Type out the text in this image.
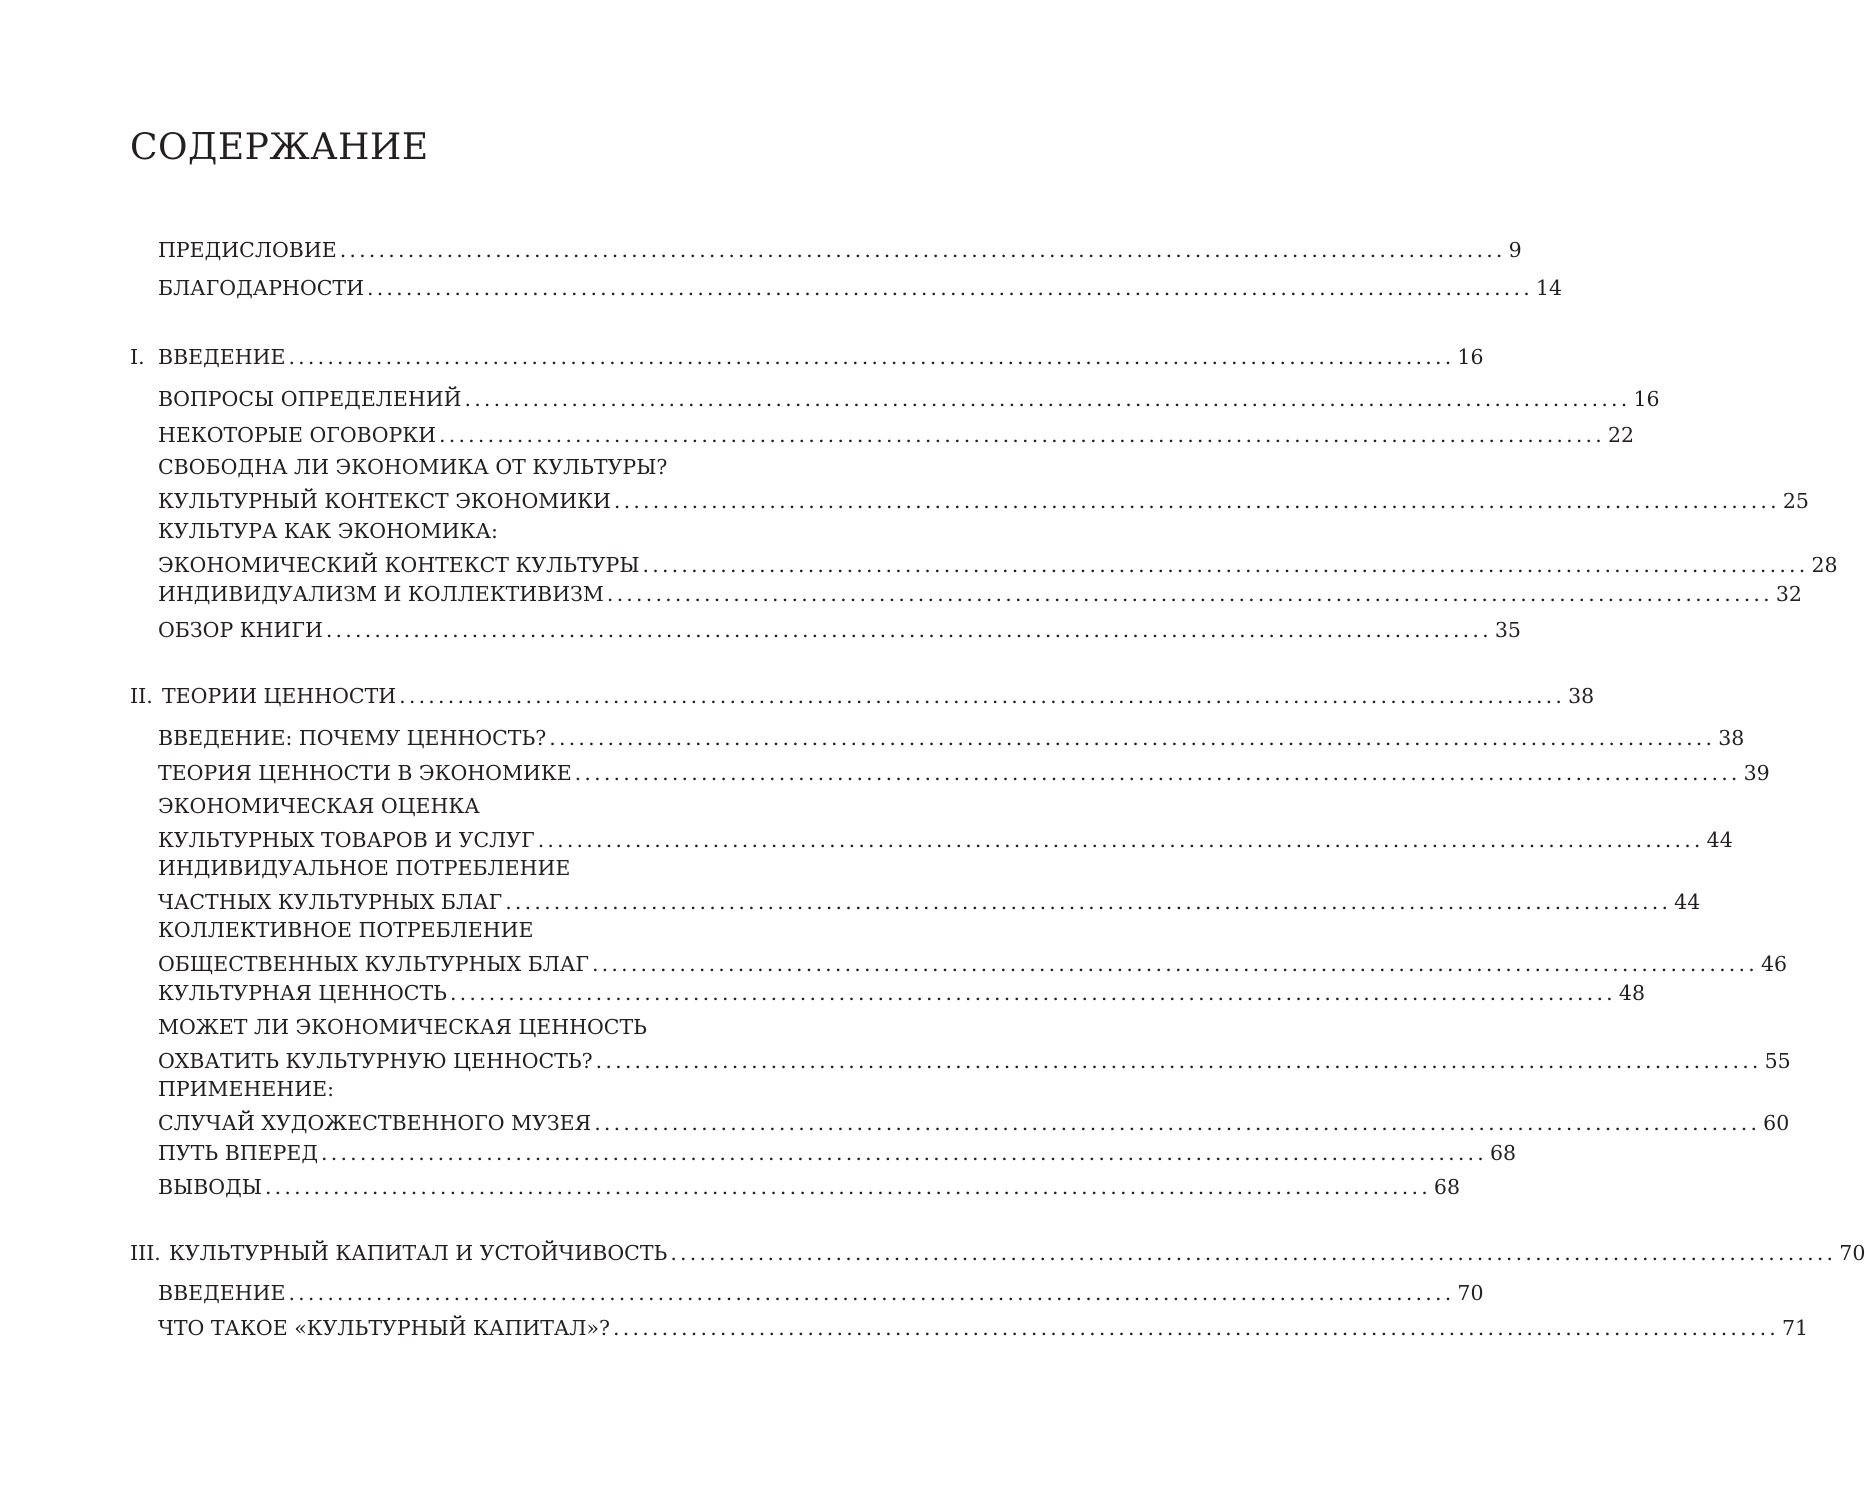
СОДЕРЖАНИЕ
ПРЕДИСЛОВИЕ ........................................................................................................................ 9
БЛАГОДАРНОСТИ ........................................................................................................................ 14
I. ВВЕДЕНИЕ ........................................................................................................................ 16
ВОПРОСЫ ОПРЕДЕЛЕНИЙ ........................................................................................................................ 16
НЕКОТОРЫЕ ОГОВОРКИ ........................................................................................................................ 22
СВОБОДНА ЛИ ЭКОНОМИКА ОТ КУЛЬТУРЫ?
КУЛЬТУРНЫЙ КОНТЕКСТ ЭКОНОМИКИ ........................................................................................................................ 25
КУЛЬТУРА КАК ЭКОНОМИКА:
ЭКОНОМИЧЕСКИЙ КОНТЕКСТ КУЛЬТУРЫ ........................................................................................................................ 28
ИНДИВИДУАЛИЗМ И КОЛЛЕКТИВИЗМ ........................................................................................................................ 32
ОБЗОР КНИГИ ........................................................................................................................ 35
II. ТЕОРИИ ЦЕННОСТИ ........................................................................................................................ 38
ВВЕДЕНИЕ: ПОЧЕМУ ЦЕННОСТЬ? ........................................................................................................................ 38
ТЕОРИЯ ЦЕННОСТИ В ЭКОНОМИКЕ ........................................................................................................................ 39
ЭКОНОМИЧЕСКАЯ ОЦЕНКА
КУЛЬТУРНЫХ ТОВАРОВ И УСЛУГ ........................................................................................................................ 44
ИНДИВИДУАЛЬНОЕ ПОТРЕБЛЕНИЕ
ЧАСТНЫХ КУЛЬТУРНЫХ БЛАГ ........................................................................................................................ 44
КОЛЛЕКТИВНОЕ ПОТРЕБЛЕНИЕ
ОБЩЕСТВЕННЫХ КУЛЬТУРНЫХ БЛАГ ........................................................................................................................ 46
КУЛЬТУРНАЯ ЦЕННОСТЬ ........................................................................................................................ 48
МОЖЕТ ЛИ ЭКОНОМИЧЕСКАЯ ЦЕННОСТЬ
ОХВАТИТЬ КУЛЬТУРНУЮ ЦЕННОСТЬ? ........................................................................................................................ 55
ПРИМЕНЕНИЕ:
СЛУЧАЙ ХУДОЖЕСТВЕННОГО МУЗЕЯ ........................................................................................................................ 60
ПУТЬ ВПЕРЕД ........................................................................................................................ 68
ВЫВОДЫ ........................................................................................................................ 68
III. КУЛЬТУРНЫЙ КАПИТАЛ И УСТОЙЧИВОСТЬ ........................................................................................................................ 70
ВВЕДЕНИЕ ........................................................................................................................ 70
ЧТО ТАКОЕ «КУЛЬТУРНЫЙ КАПИТАЛ»? ........................................................................................................................ 71
